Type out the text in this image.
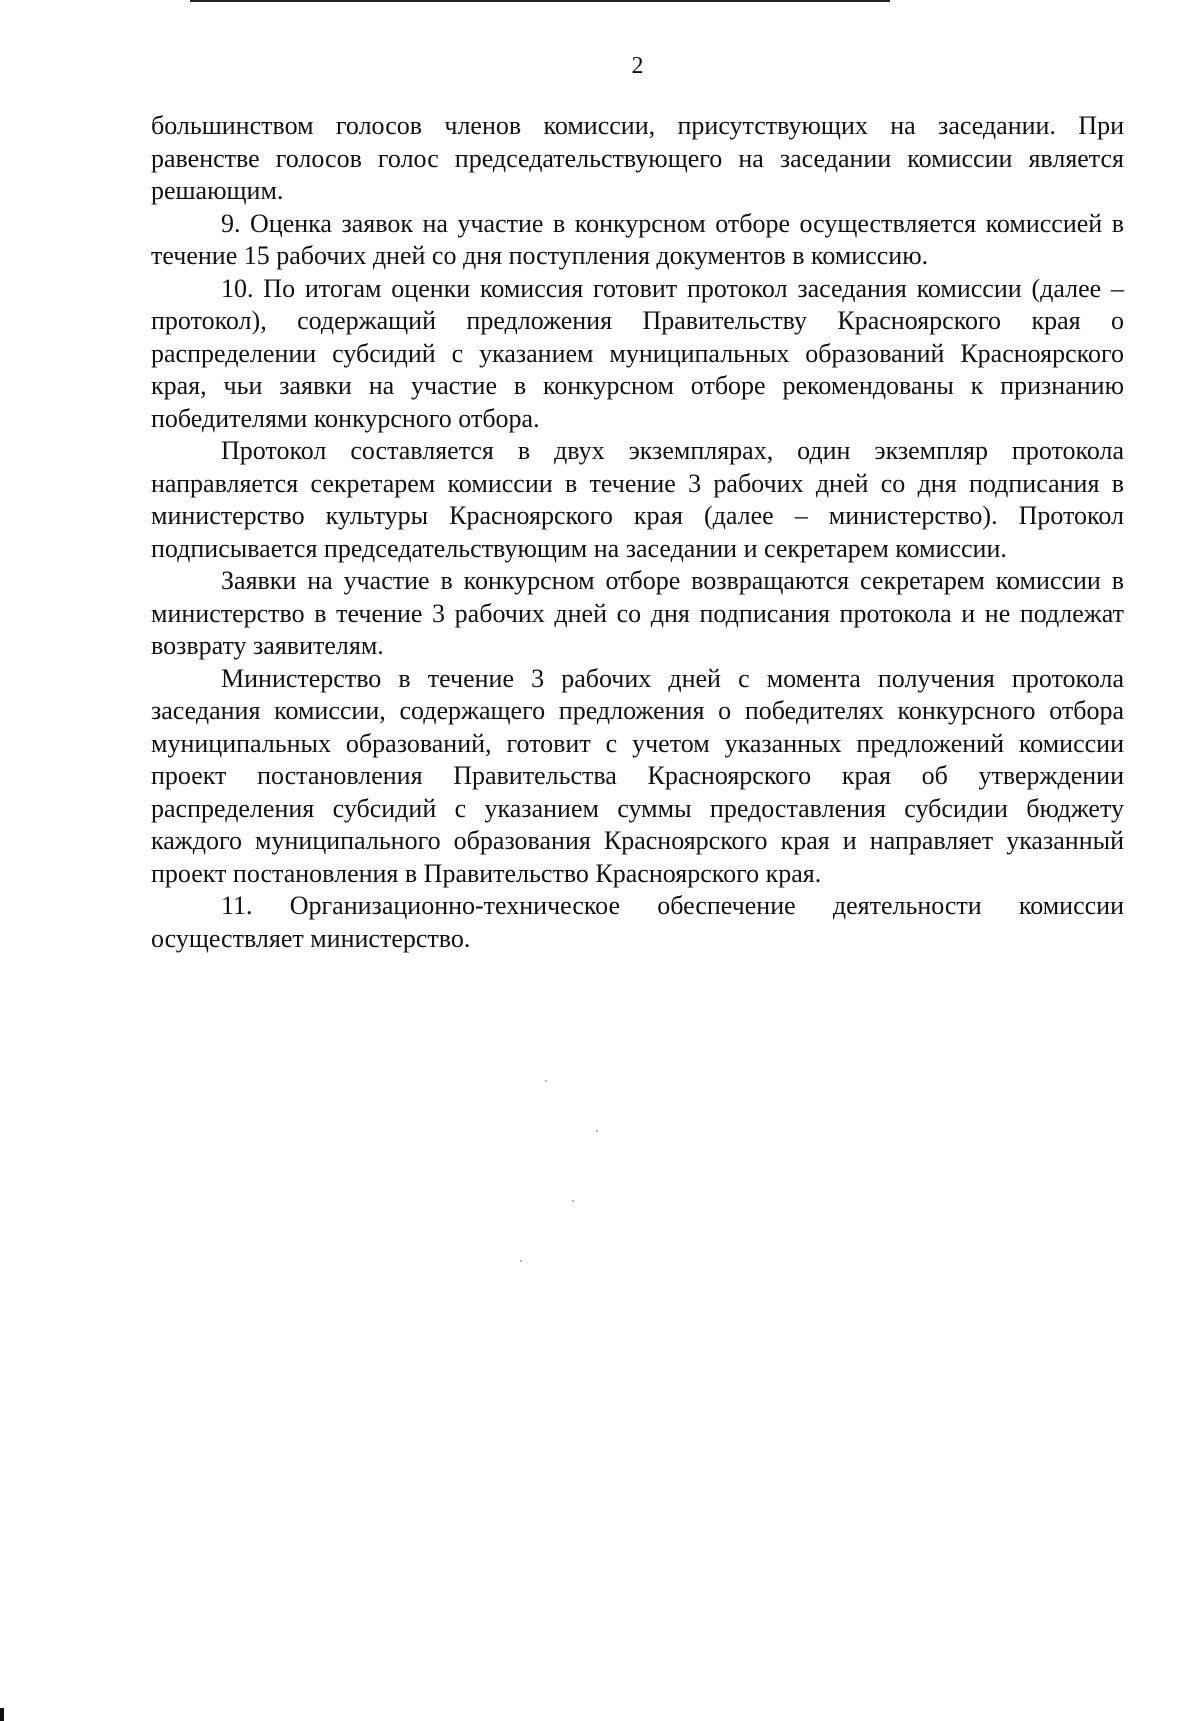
2

большинством голосов членов комиссии, присутствующих на заседании. При равенстве голосов голос председательствующего на заседании комиссии является решающим.

9. Оценка заявок на участие в конкурсном отборе осуществляется комиссией в течение 15 рабочих дней со дня поступления документов в комиссию.

10. По итогам оценки комиссия готовит протокол заседания комиссии (далее – протокол), содержащий предложения Правительству Красноярского края о распределении субсидий с указанием муниципальных образований Красноярского края, чьи заявки на участие в конкурсном отборе рекомендованы к признанию победителями конкурсного отбора.

Протокол составляется в двух экземплярах, один экземпляр протокола направляется секретарем комиссии в течение 3 рабочих дней со дня подписания в министерство культуры Красноярского края (далее – министерство). Протокол подписывается председательствующим на заседании и секретарем комиссии.

Заявки на участие в конкурсном отборе возвращаются секретарем комиссии в министерство в течение 3 рабочих дней со дня подписания протокола и не подлежат возврату заявителям.

Министерство в течение 3 рабочих дней с момента получения протокола заседания комиссии, содержащего предложения о победителях конкурсного отбора муниципальных образований, готовит с учетом указанных предложений комиссии проект постановления Правительства Красноярского края об утверждении распределения субсидий с указанием суммы предоставления субсидии бюджету каждого муниципального образования Красноярского края и направляет указанный проект постановления в Правительство Красноярского края.

11. Организационно-техническое обеспечение деятельности комиссии осуществляет министерство.
